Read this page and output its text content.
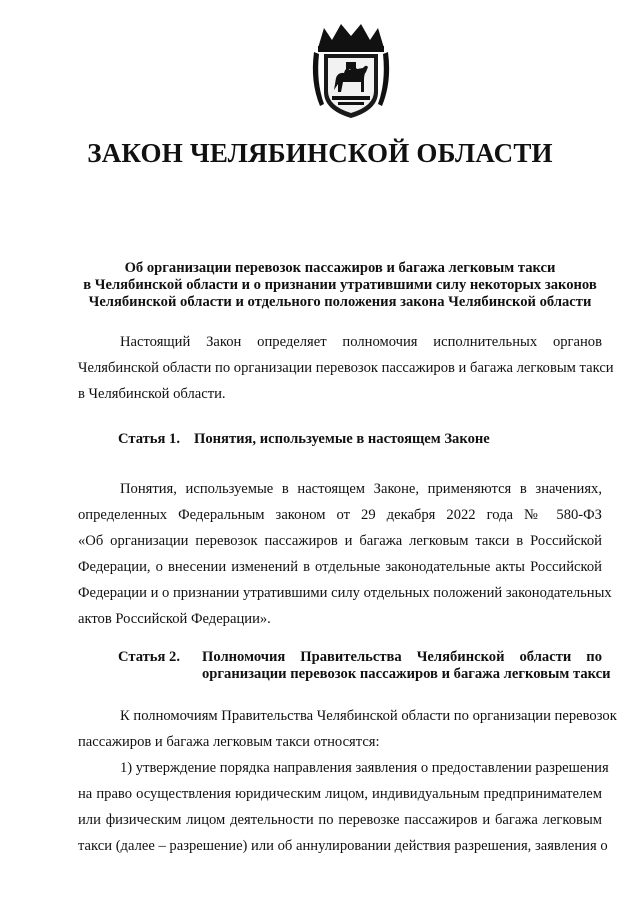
ЗАКОН ЧЕЛЯБИНСКОЙ ОБЛАСТИ
Об организации перевозок пассажиров и багажа легковым такси
в Челябинской области и о признании утратившими силу некоторых законов
Челябинской области и отдельного положения закона Челябинской области
Настоящий Закон определяет полномочия исполнительных органов
Челябинской области по организации перевозок пассажиров и багажа легковым такси
в Челябинской области.
Статья 1. Понятия, используемые в настоящем Законе
Понятия, используемые в настоящем Законе, применяются в значениях,
определенных Федеральным законом от 29 декабря 2022 года № 580-ФЗ
«Об организации перевозок пассажиров и багажа легковым такси в Российской
Федерации, о внесении изменений в отдельные законодательные акты Российской
Федерации и о признании утратившими силу отдельных положений законодательных
актов Российской Федерации».
Статья 2. Полномочия Правительства Челябинской области по
организации перевозок пассажиров и багажа легковым такси
К полномочиям Правительства Челябинской области по организации перевозок
пассажиров и багажа легковым такси относятся:
1) утверждение порядка направления заявления о предоставлении разрешения
на право осуществления юридическим лицом, индивидуальным предпринимателем
или физическим лицом деятельности по перевозке пассажиров и багажа легковым
такси (далее – разрешение) или об аннулировании действия разрешения, заявления о
